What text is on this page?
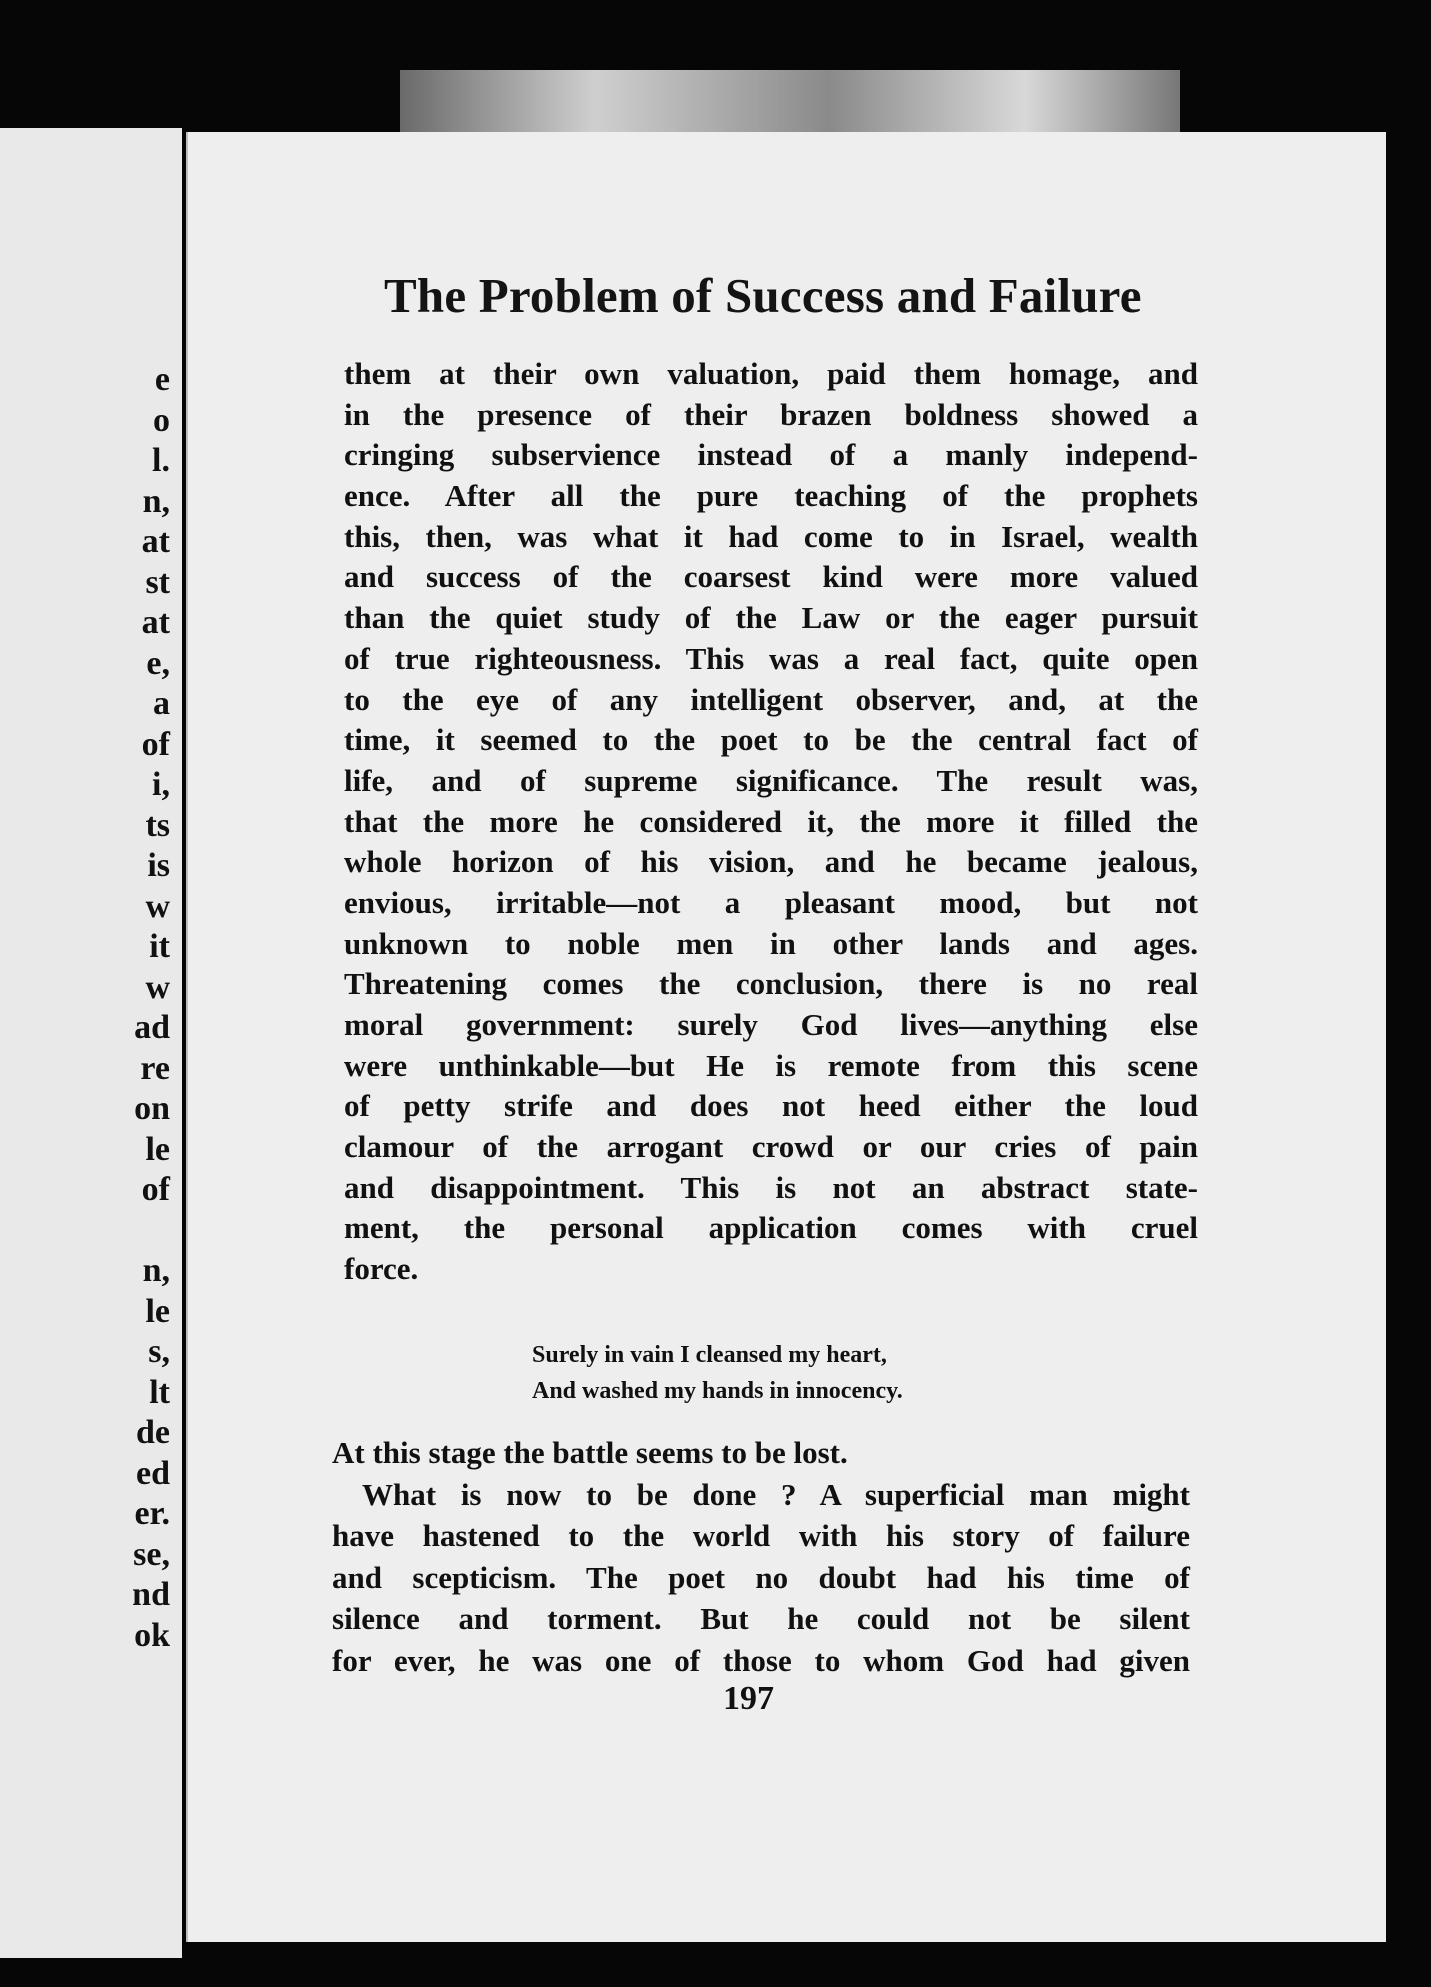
e
o
l.
n,
at
st
at
e,
a
of
i,
ts
is
w
it
w
ad
re
on
le
of
n,
le
s,
lt
de
ed
er.
se,
nd
ok
The Problem of Success and Failure
them at their own valuation, paid them homage, and
in the presence of their brazen boldness showed a
cringing subservience instead of a manly independ-
ence. After all the pure teaching of the prophets
this, then, was what it had come to in Israel, wealth
and success of the coarsest kind were more valued
than the quiet study of the Law or the eager pursuit
of true righteousness. This was a real fact, quite open
to the eye of any intelligent observer, and, at the
time, it seemed to the poet to be the central fact of
life, and of supreme significance. The result was,
that the more he considered it, the more it filled the
whole horizon of his vision, and he became jealous,
envious, irritable—not a pleasant mood, but not
unknown to noble men in other lands and ages.
Threatening comes the conclusion, there is no real
moral government: surely God lives—anything else
were unthinkable—but He is remote from this scene
of petty strife and does not heed either the loud
clamour of the arrogant crowd or our cries of pain
and disappointment. This is not an abstract state-
ment, the personal application comes with cruel
force.
Surely in vain I cleansed my heart,
And washed my hands in innocency.
At this stage the battle seems to be lost.
What is now to be done ? A superficial man might
have hastened to the world with his story of failure
and scepticism. The poet no doubt had his time of
silence and torment. But he could not be silent
for ever, he was one of those to whom God had given
197
